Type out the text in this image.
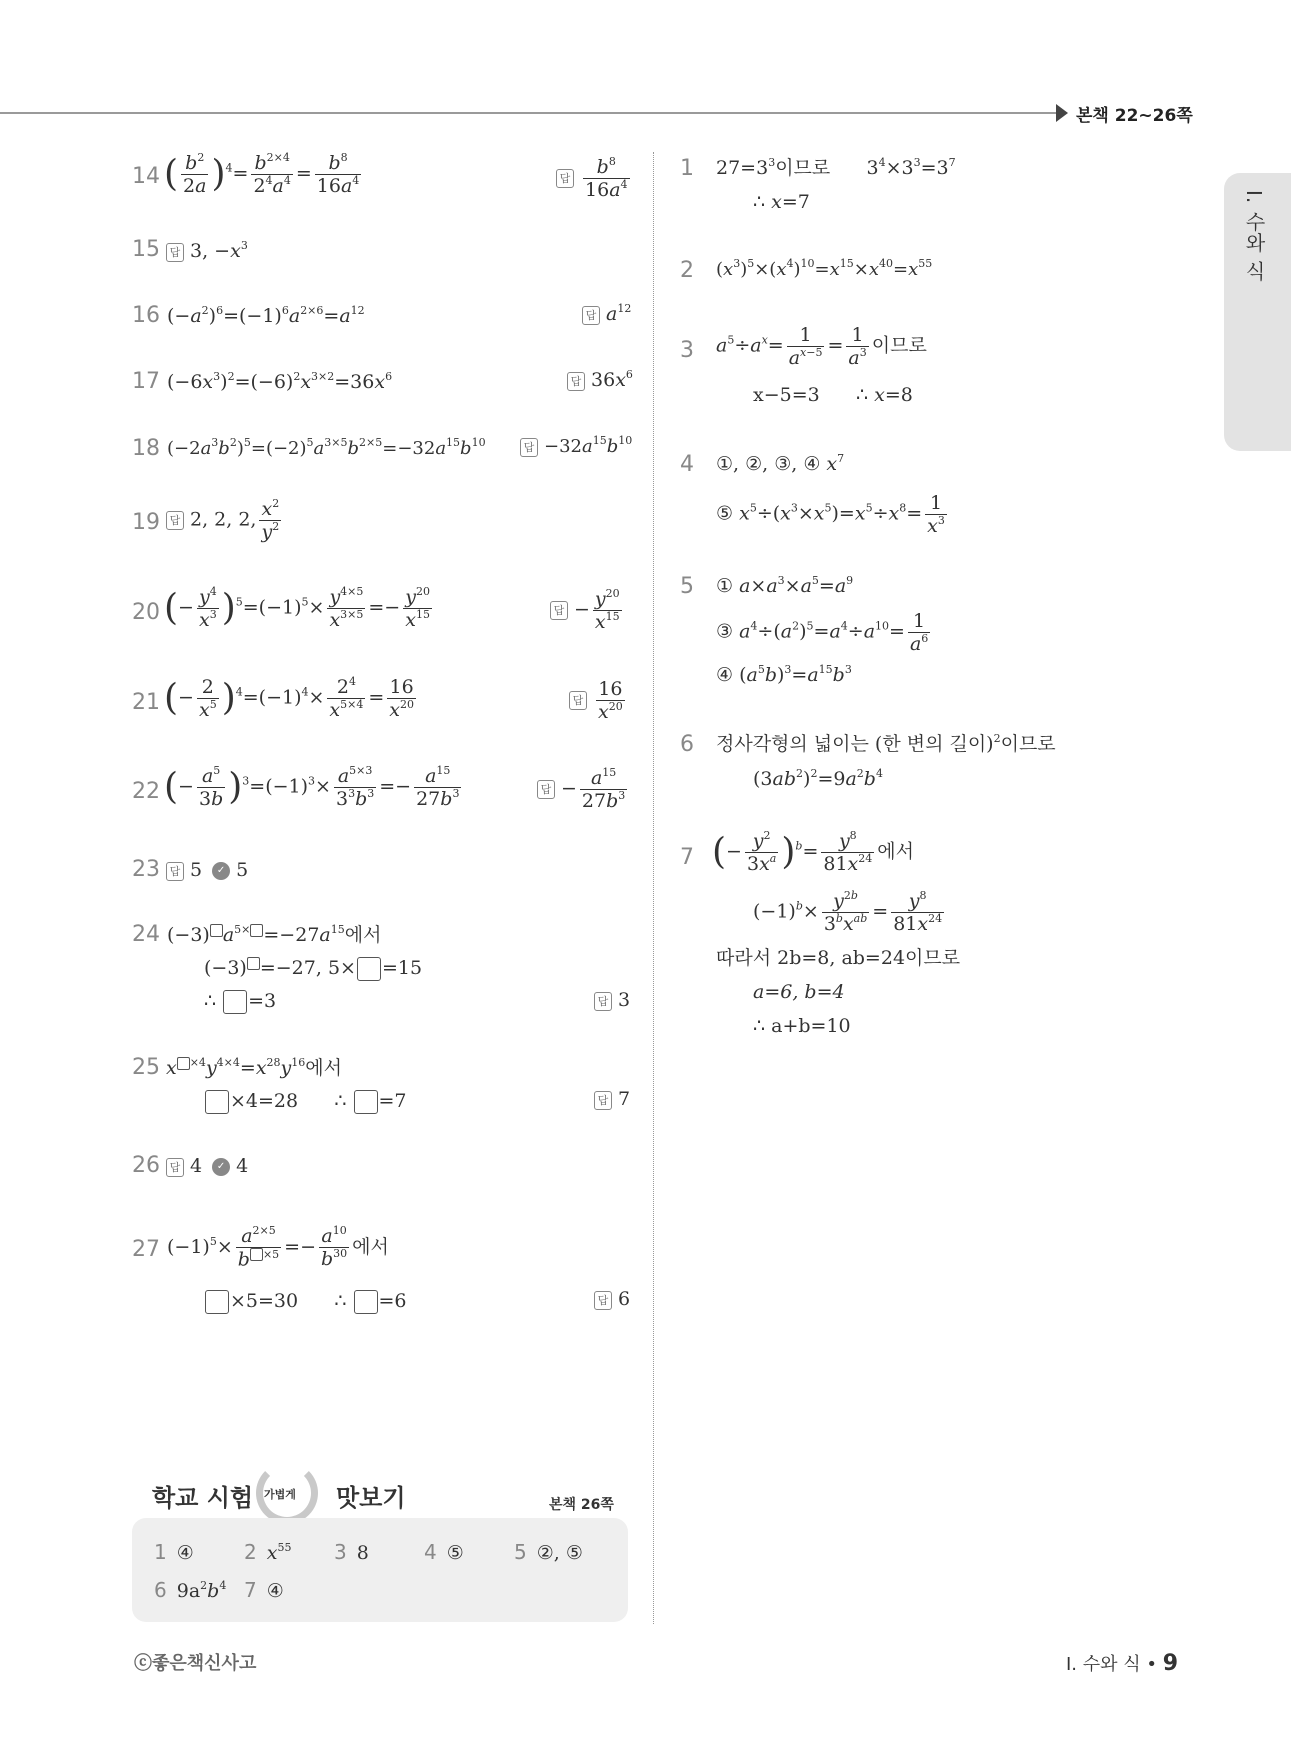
본책 22~26쪽
I. 수와 식
14 ( $\frac{b^2}{2a} )^4= \frac{b^{2\times 4}}{2^4a^4} = \frac{b^8}{16a^4}$	답 $\frac{b^8}{16a^4}$
15 답 3, $-x^3$
16 $(-a^2)^6=(-1)^6a^{2\times 6}=a^{12}$	답 $a^{12}$
17 $(-6x^3)^2=(-6)^2x^{3\times 2}=36x^6$	답 $36x^6$
18 $(-2a^3b^2)^5=(-2)^5a^{3\times 5}b^{2\times 5}=-32a^{15}b^{10}$	답 $-32a^{15}b^{10}$
19 답 2, 2, 2, $\frac{x^2}{y^2}$
20 (− $\frac{y^4}{x^3} )^5=(-1)^5\times \frac{y^{4\times 5}}{x^{3\times 5}} =- \frac{y^{20}}{x^{15}}$	답 − $\frac{y^{20}}{x^{15}}$
21 (− $\frac{2}{x^5} )^4=(-1)^4\times \frac{2^4}{x^{5\times 4}} = \frac{16}{x^{20}}$	답 $\frac{16}{x^{20}}$
22 (− $\frac{a^5}{3b} )^3=(-1)^3\times \frac{a^{5\times 3}}{3^3b^3} =- \frac{a^{15}}{27b^3}$	답 − $\frac{a^{15}}{27b^3}$
23 답 5 ✓ 5
24 (−3) $a^{5\times} =-27a^{15}$에서
(−3) =−27, 5× =15
∴ =3	답 3
25 x $^{\times 4}y^{4\times 4}=x^{28}y^{16}$에서
×4=28 ∴ =7	답 7
26 답 4 ✓ 4
27 $(-1)^5\times \frac{a^{2\times 5}}{b ^{\times 5}} =- \frac{a^{10}}{b^{30}}$ 에서
×5=30 ∴ =6	답 6
1 $27=3^3$이므로      $3^4\times 3^3=3^7$
∴ x=7
2 $(x^3)^5\times(x^4)^{10}=x^{15}\times x^{40}=x^{55}$
3 $a^5\div a^x= \frac{1}{a^{x-5}} = \frac{1}{a^3}$ 이므로
x−5=3 ∴ x=8
4 ①, ②, ③, ④ $x^7$
⑤ $x^5\div(x^3\times x^5)=x^5\div x^8= \frac{1}{x^3}$
5 ① $a\times a^3\times a^5=a^9$
③ $a^4\div(a^2)^5=a^4\div a^{10}= \frac{1}{a^6}$
④ $(a^5b)^3=a^{15}b^3$
6 정사각형의 넓이는 (한 변의 길이)$^2$이므로
$(3ab^2)^2=9a^2b^4$
7 (− $\frac{y^2}{3x^a} )^b= \frac{y^8}{81x^{24}}$ 에서
$(-1)^b\times \frac{y^{2b}}{3^bx^{ab}} = \frac{y^8}{81x^{24}}$
따라서 2b=8, ab=24이므로
a=6, b=4
∴ a+b=10
학교 시험 가볍게 맛보기	본책 26쪽
1 ④	2 $x^{55}$ 3 8	4 ⑤	5 ②, ⑤
6 $9a^2b^4$ 7 ④
ⓒ좋은책신사고	I. 수와 식 • 9
